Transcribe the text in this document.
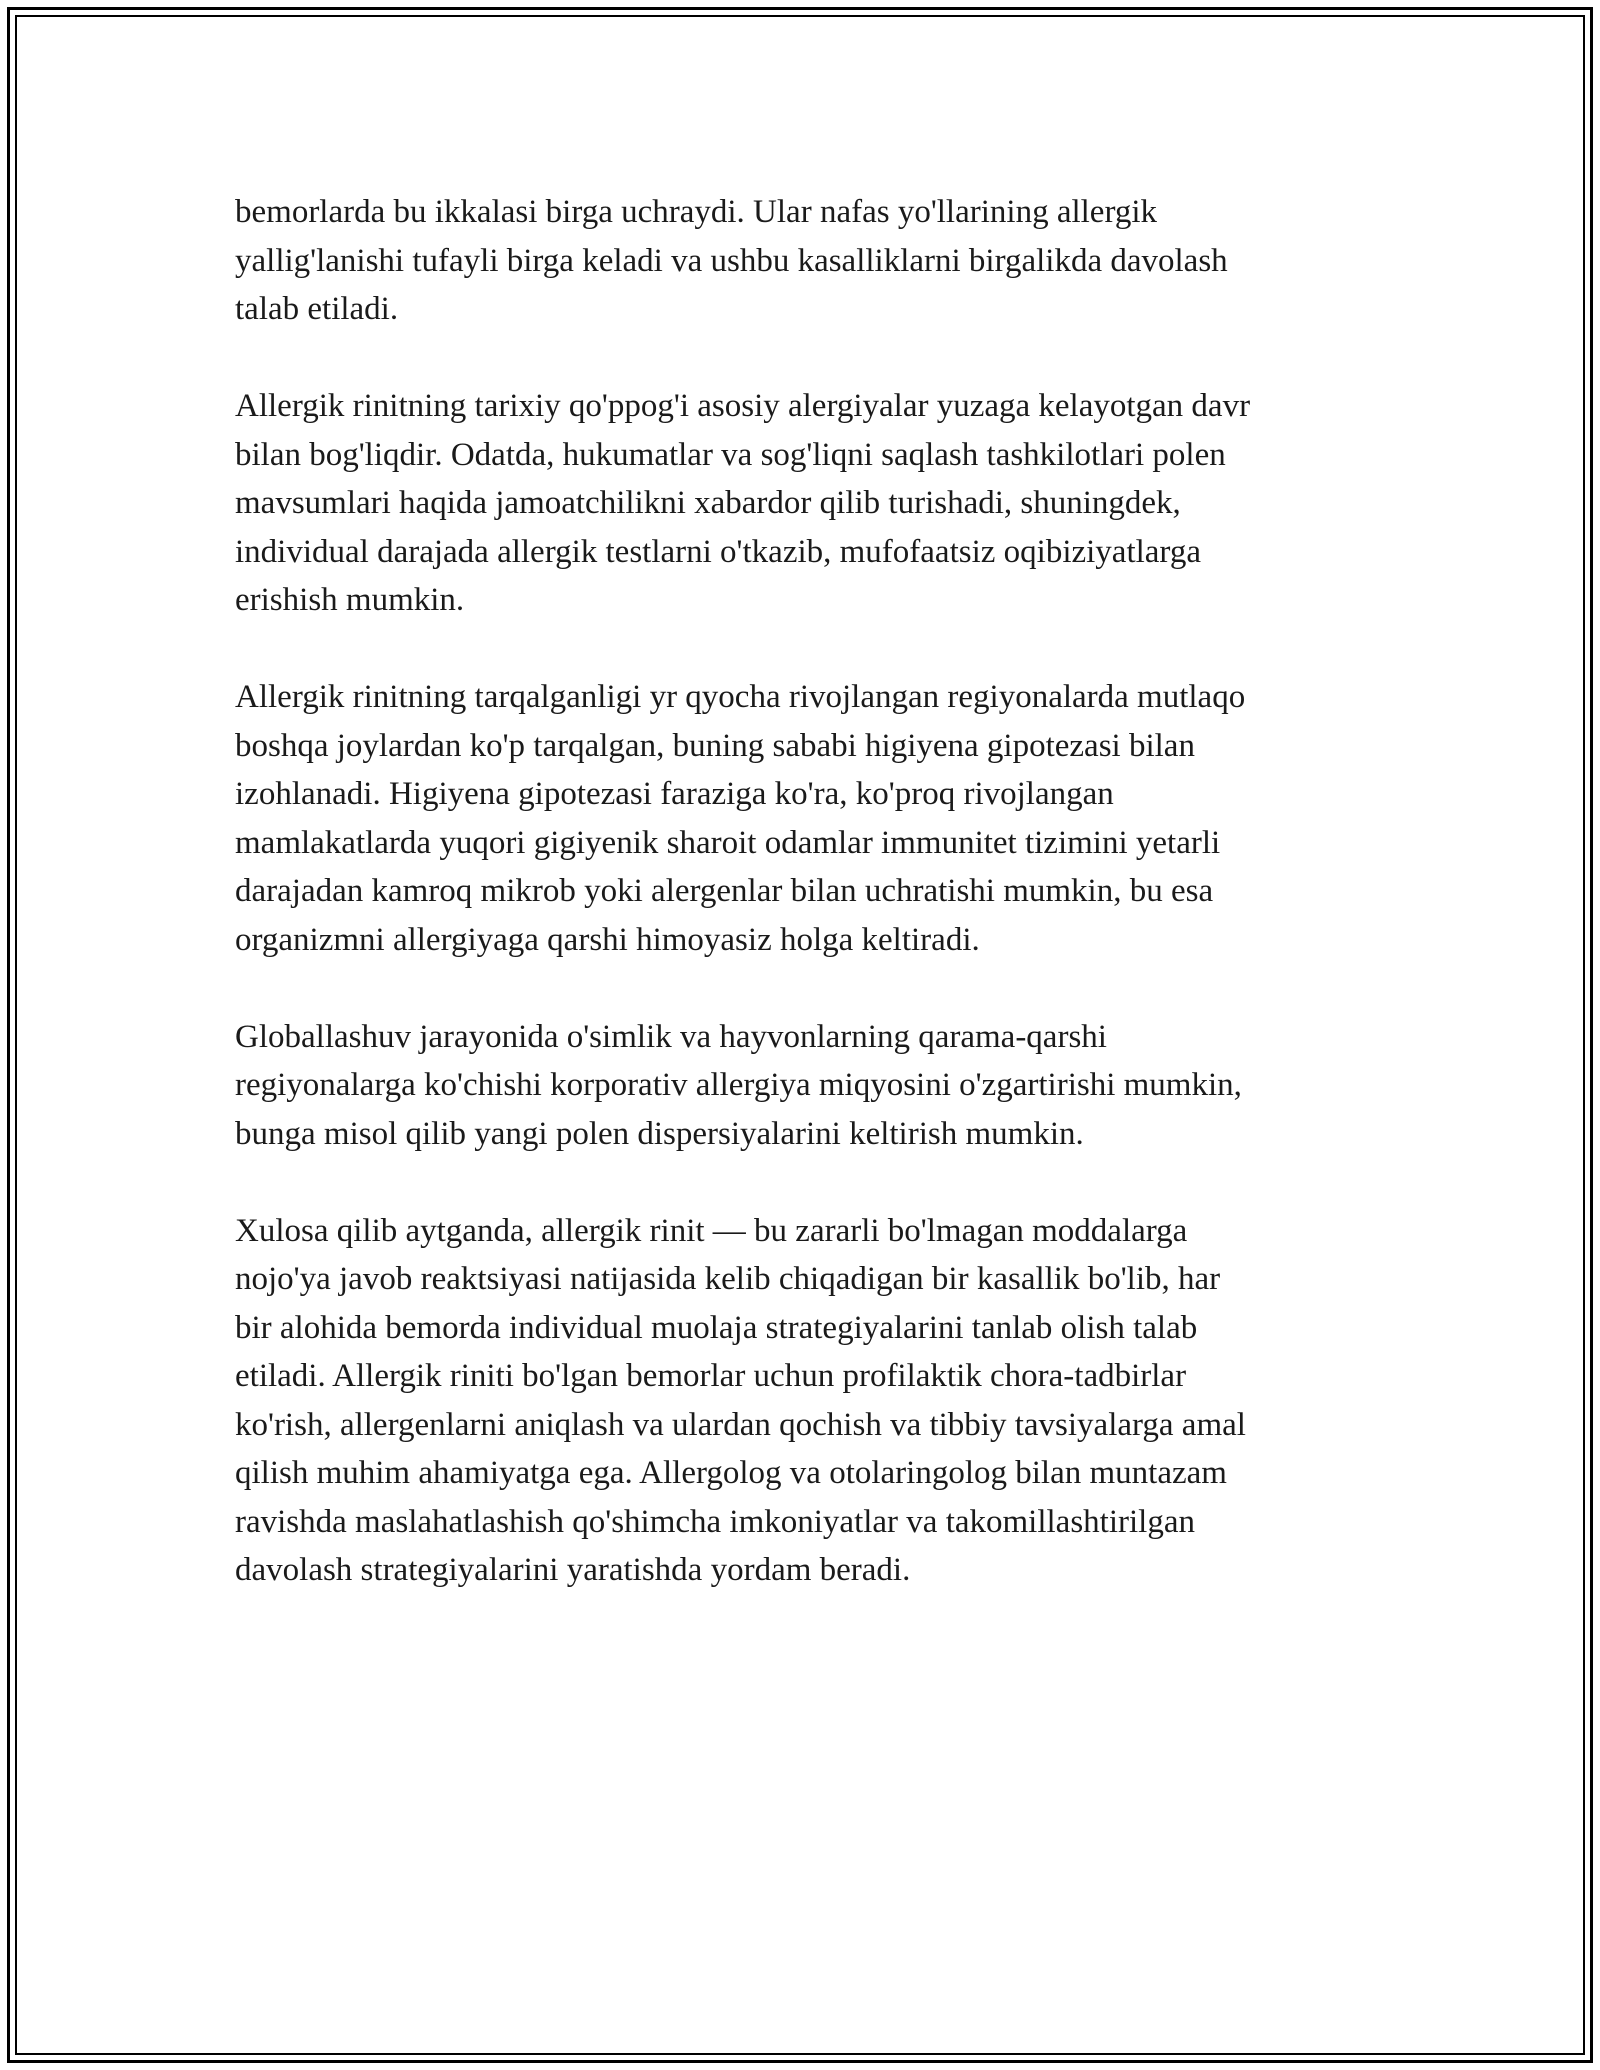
bemorlarda bu ikkalasi birga uchraydi. Ular nafas yo'llarining allergik
yallig'lanishi tufayli birga keladi va ushbu kasalliklarni birgalikda davolash
talab etiladi.

Allergik rinitning tarixiy qo'ppog'i asosiy alergiyalar yuzaga kelayotgan davr
bilan bog'liqdir. Odatda, hukumatlar va sog'liqni saqlash tashkilotlari polen
mavsumlari haqida jamoatchilikni xabardor qilib turishadi, shuningdek,
individual darajada allergik testlarni o'tkazib, mufofaatsiz oqibiziyatlarga
erishish mumkin.

Allergik rinitning tarqalganligi yr qyocha rivojlangan regiyonalarda mutlaqo
boshqa joylardan ko'p tarqalgan, buning sababi higiyena gipotezasi bilan
izohlanadi. Higiyena gipotezasi faraziga ko'ra, ko'proq rivojlangan
mamlakatlarda yuqori gigiyenik sharoit odamlar immunitet tizimini yetarli
darajadan kamroq mikrob yoki alergenlar bilan uchratishi mumkin, bu esa
organizmni allergiyaga qarshi himoyasiz holga keltiradi.

Globallashuv jarayonida o'simlik va hayvonlarning qarama-qarshi
regiyonalarga ko'chishi korporativ allergiya miqyosini o'zgartirishi mumkin,
bunga misol qilib yangi polen dispersiyalarini keltirish mumkin.

Xulosa qilib aytganda, allergik rinit — bu zararli bo'lmagan moddalarga
nojo'ya javob reaktsiyasi natijasida kelib chiqadigan bir kasallik bo'lib, har
bir alohida bemorda individual muolaja strategiyalarini tanlab olish talab
etiladi. Allergik riniti bo'lgan bemorlar uchun profilaktik chora-tadbirlar
ko'rish, allergenlarni aniqlash va ulardan qochish va tibbiy tavsiyalarga amal
qilish muhim ahamiyatga ega. Allergolog va otolaringolog bilan muntazam
ravishda maslahatlashish qo'shimcha imkoniyatlar va takomillashtirilgan
davolash strategiyalarini yaratishda yordam beradi.
